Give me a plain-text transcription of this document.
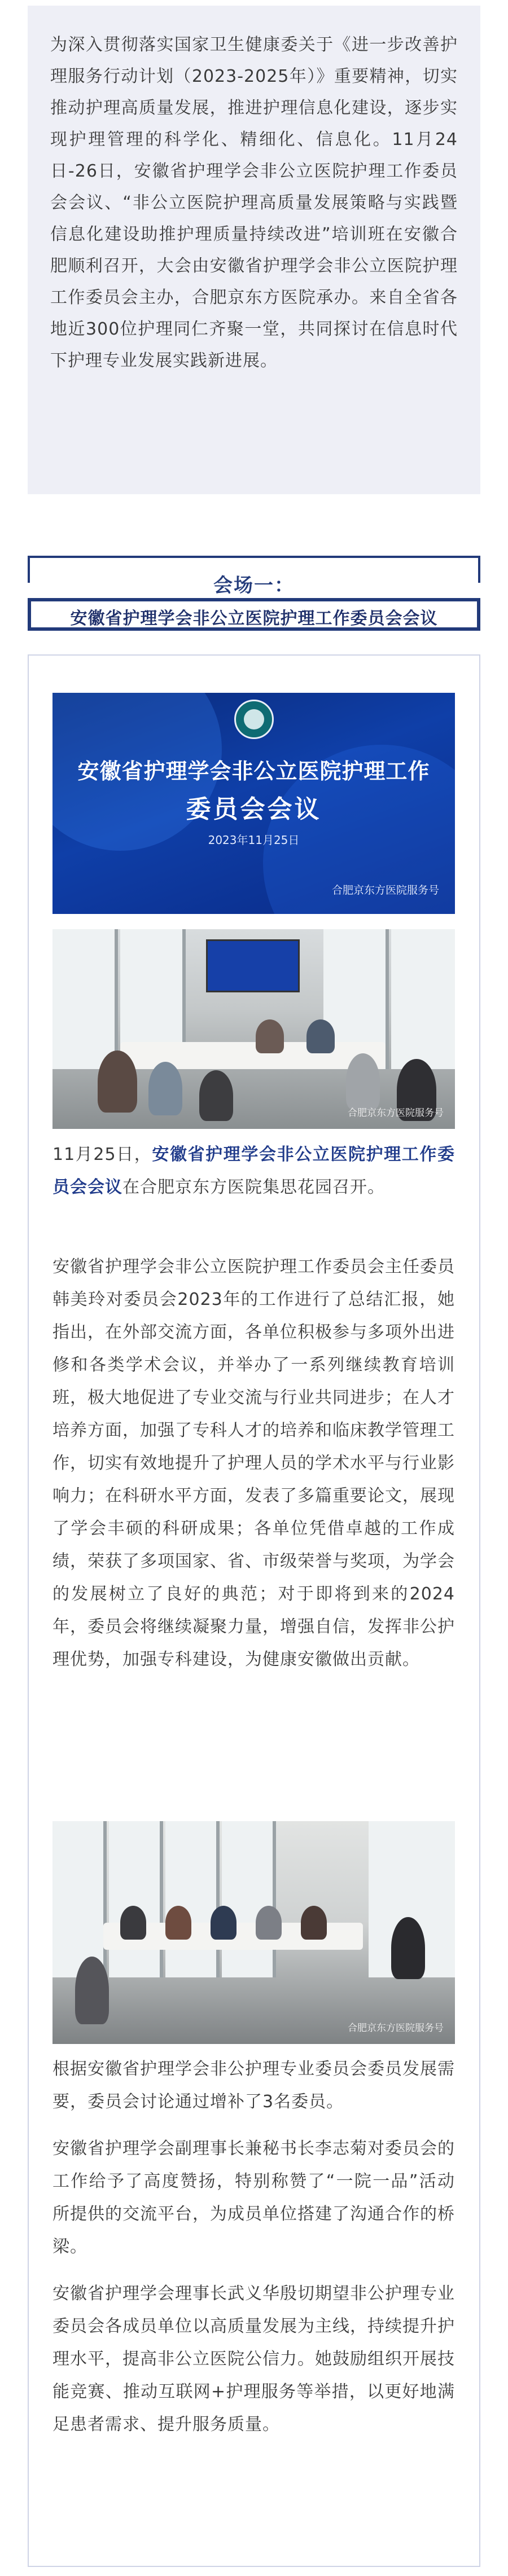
为深入贯彻落实国家卫生健康委关于《进一步改善护理服务行动计划（2023-2025年）》重要精神，切实推动护理高质量发展，推进护理信息化建设，逐步实现护理管理的科学化、精细化、信息化。11月24日-26日，安徽省护理学会非公立医院护理工作委员会会议、“非公立医院护理高质量发展策略与实践暨信息化建设助推护理质量持续改进”培训班在安徽合肥顺利召开，大会由安徽省护理学会非公立医院护理工作委员会主办，合肥京东方医院承办。来自全省各地近300位护理同仁齐聚一堂，共同探讨在信息时代下护理专业发展实践新进展。
会场一：
安徽省护理学会非公立医院护理工作委员会会议
安徽省护理学会非公立医院护理工作
委员会会议
2023年11月25日
合肥京东方医院服务号
合肥京东方医院服务号

11月25日，安徽省护理学会非公立医院护理工作委员会会议在合肥京东方医院集思花园召开。

安徽省护理学会非公立医院护理工作委员会主任委员韩美玲对委员会2023年的工作进行了总结汇报，她指出，在外部交流方面，各单位积极参与多项外出进修和各类学术会议，并举办了一系列继续教育培训班，极大地促进了专业交流与行业共同进步；在人才培养方面，加强了专科人才的培养和临床教学管理工作，切实有效地提升了护理人员的学术水平与行业影响力；在科研水平方面，发表了多篇重要论文，展现了学会丰硕的科研成果；各单位凭借卓越的工作成绩，荣获了多项国家、省、市级荣誉与奖项，为学会的发展树立了良好的典范；对于即将到来的2024年，委员会将继续凝聚力量，增强自信，发挥非公护理优势，加强专科建设，为健康安徽做出贡献。

合肥京东方医院服务号

根据安徽省护理学会非公护理专业委员会委员发展需要，委员会讨论通过增补了3名委员。

安徽省护理学会副理事长兼秘书长李志菊对委员会的工作给予了高度赞扬，特别称赞了“一院一品”活动所提供的交流平台，为成员单位搭建了沟通合作的桥梁。

安徽省护理学会理事长武义华殷切期望非公护理专业委员会各成员单位以高质量发展为主线，持续提升护理水平，提高非公立医院公信力。她鼓励组织开展技能竞赛、推动互联网+护理服务等举措，以更好地满足患者需求、提升服务质量。
